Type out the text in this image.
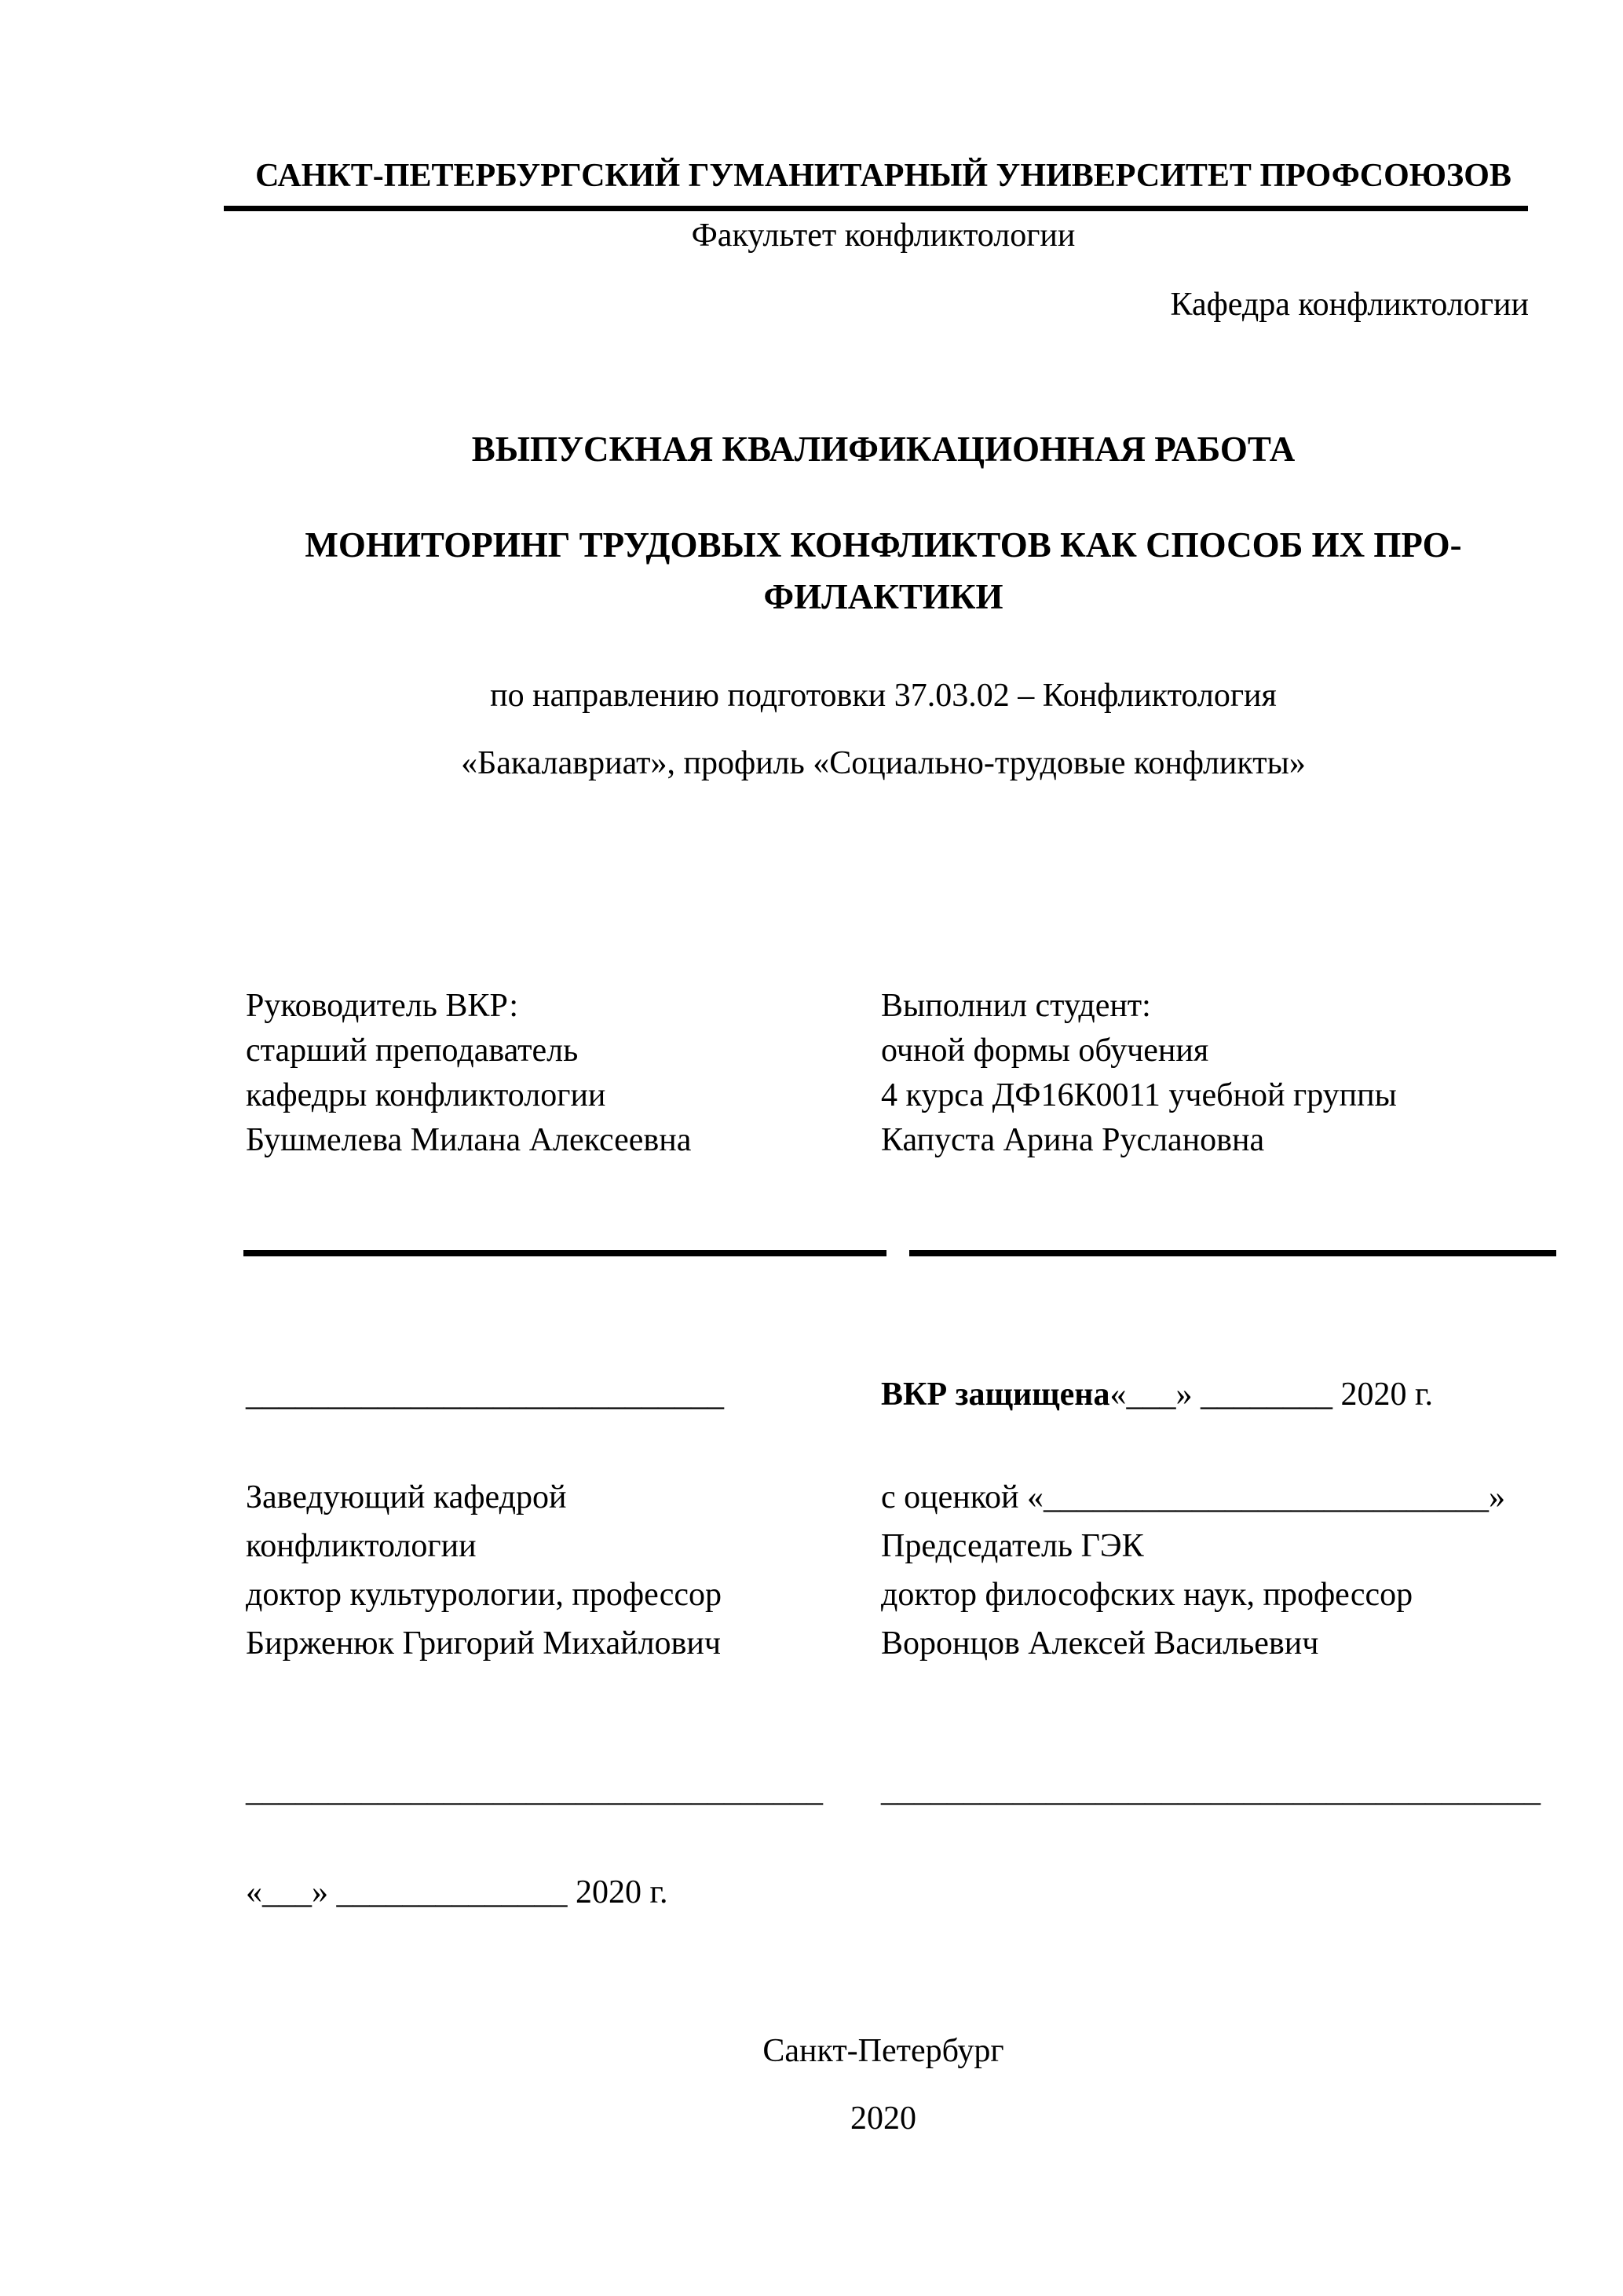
САНКТ-ПЕТЕРБУРГСКИЙ ГУМАНИТАРНЫЙ УНИВЕРСИТЕТ ПРОФСОЮЗОВ
Факультет конфликтологии
Кафедра конфликтологии
ВЫПУСКНАЯ КВАЛИФИКАЦИОННАЯ РАБОТА
МОНИТОРИНГ ТРУДОВЫХ КОНФЛИКТОВ КАК СПОСОБ ИХ ПРО-
ФИЛАКТИКИ
по направлению подготовки 37.03.02 – Конфликтология
«Бакалавриат», профиль «Социально-трудовые конфликты»
Руководитель ВКР:
старший преподаватель
кафедры конфликтологии
Бушмелева Милана Алексеевна
Выполнил студент:
очной формы обучения
4 курса ДФ16К0011 учебной группы
Капуста Арина Руслановна
_____________________________	ВКР защищена«___» ________ 2020 г.
Заведующий кафедрой
конфликтологии
доктор культурологии, профессор
Бирженюк Григорий Михайлович
с оценкой «___________________________»
Председатель ГЭК
доктор философских наук, профессор
Воронцов Алексей Васильевич
___________________________________ ________________________________________
«___» ______________ 2020 г.
Санкт-Петербург
2020
